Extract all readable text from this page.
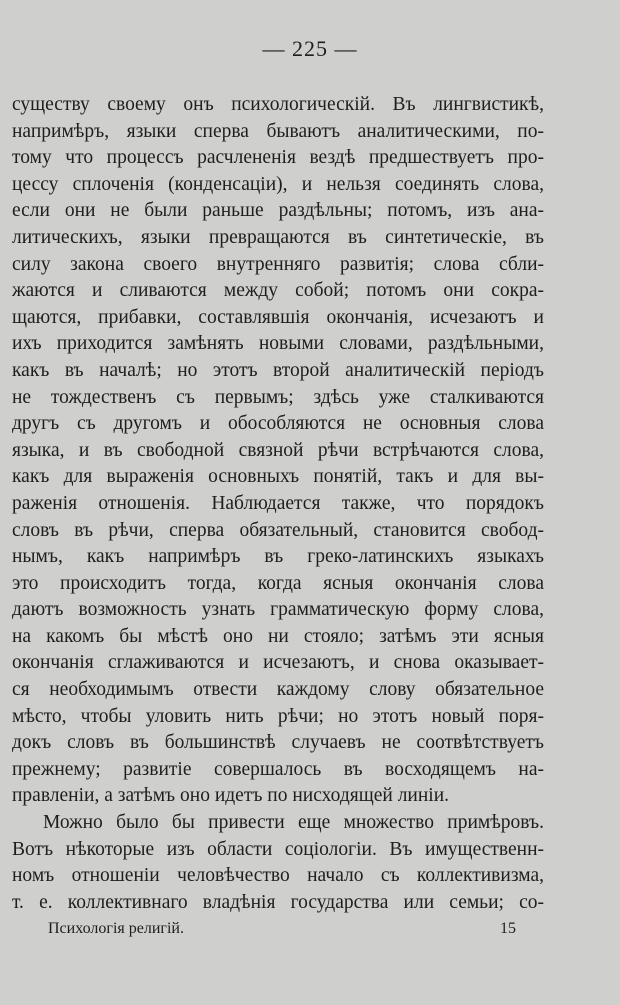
— 225 —
существу своему онъ психологическій. Въ лингвистикѣ,
напримѣръ, языки сперва бываютъ аналитическими, по-
тому что процессъ расчлененія вездѣ предшествуетъ про-
цессу сплоченія (конденсаціи), и нельзя соединять слова,
если они не были раньше раздѣльны; потомъ, изъ ана-
литическихъ, языки превращаются въ синтетическіе, въ
силу закона своего внутренняго развитія; слова сбли-
жаются и сливаются между собой; потомъ они сокра-
щаются, прибавки, составлявшія окончанія, исчезаютъ и
ихъ приходится замѣнять новыми словами, раздѣльными,
какъ въ началѣ; но этотъ второй аналитическій періодъ
не тождественъ съ первымъ; здѣсь уже сталкиваются
другъ съ другомъ и обособляются не основныя слова
языка, и въ свободной связной рѣчи встрѣчаются слова,
какъ для выраженія основныхъ понятій, такъ и для вы-
раженія отношенія. Наблюдается также, что порядокъ
словъ въ рѣчи, сперва обязательный, становится свобод-
нымъ, какъ напримѣръ въ греко-латинскихъ языкахъ
это происходитъ тогда, когда ясныя окончанія слова
даютъ возможность узнать грамматическую форму слова,
на какомъ бы мѣстѣ оно ни стояло; затѣмъ эти ясныя
окончанія сглаживаются и исчезаютъ, и снова оказывает-
ся необходимымъ отвести каждому слову обязательное
мѣсто, чтобы уловить нить рѣчи; но этотъ новый поря-
докъ словъ въ большинствѣ случаевъ не соотвѣтствуетъ
прежнему; развитіе совершалось въ восходящемъ на-
правленіи, а затѣмъ оно идетъ по нисходящей линіи.
Можно было бы привести еще множество примѣровъ.
Вотъ нѣкоторые изъ области соціологіи. Въ имущественн-
номъ отношеніи человѣчество начало съ коллективизма,
т. е. коллективнаго владѣнія государства или семьи; со-
Психологія религій.	15
